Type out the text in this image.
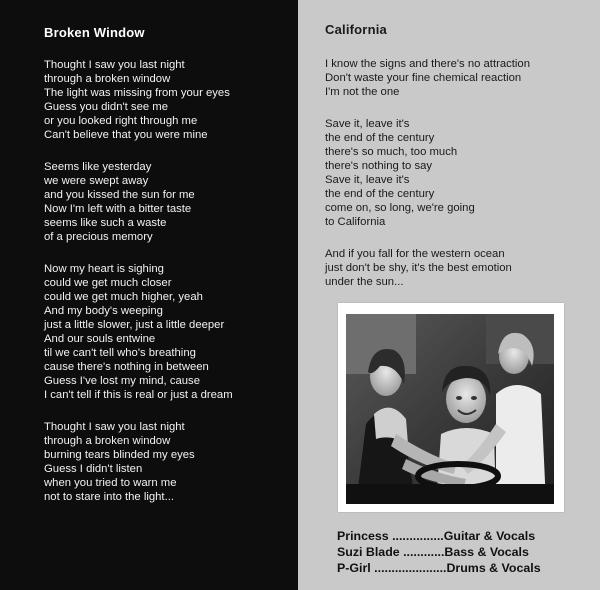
Broken Window
Thought I saw you last night
through a broken window
The light was missing from your eyes
Guess you didn't see me
or you looked right through me
Can't believe that you were mine
Seems like yesterday
we were swept away
and you kissed the sun for me
Now I'm left with a bitter taste
seems like such a waste
of a precious memory
Now my heart is sighing
could we get much closer
could we get much higher, yeah
And my body's weeping
just a little slower, just a little deeper
And our souls entwine
til we can't tell who's breathing
cause there's nothing in between
Guess I've lost my mind, cause
I can't tell if this is real or just a dream
Thought I saw you last night
through a broken window
burning tears blinded my eyes
Guess I didn't listen
when you tried to warn me
not to stare into the light...
California
I know the signs and there's no attraction
Don't waste your fine chemical reaction
I'm not the one
Save it, leave it's
the end of the century
there's so much, too much
there's nothing to say
Save it, leave it's
the end of the century
come on, so long, we're going
to California
And if you fall for the western ocean
just don't be shy, it's the best emotion
under the sun...
Princess ...............Guitar & Vocals
Suzi Blade ............Bass & Vocals
P-Girl .....................Drums & Vocals
